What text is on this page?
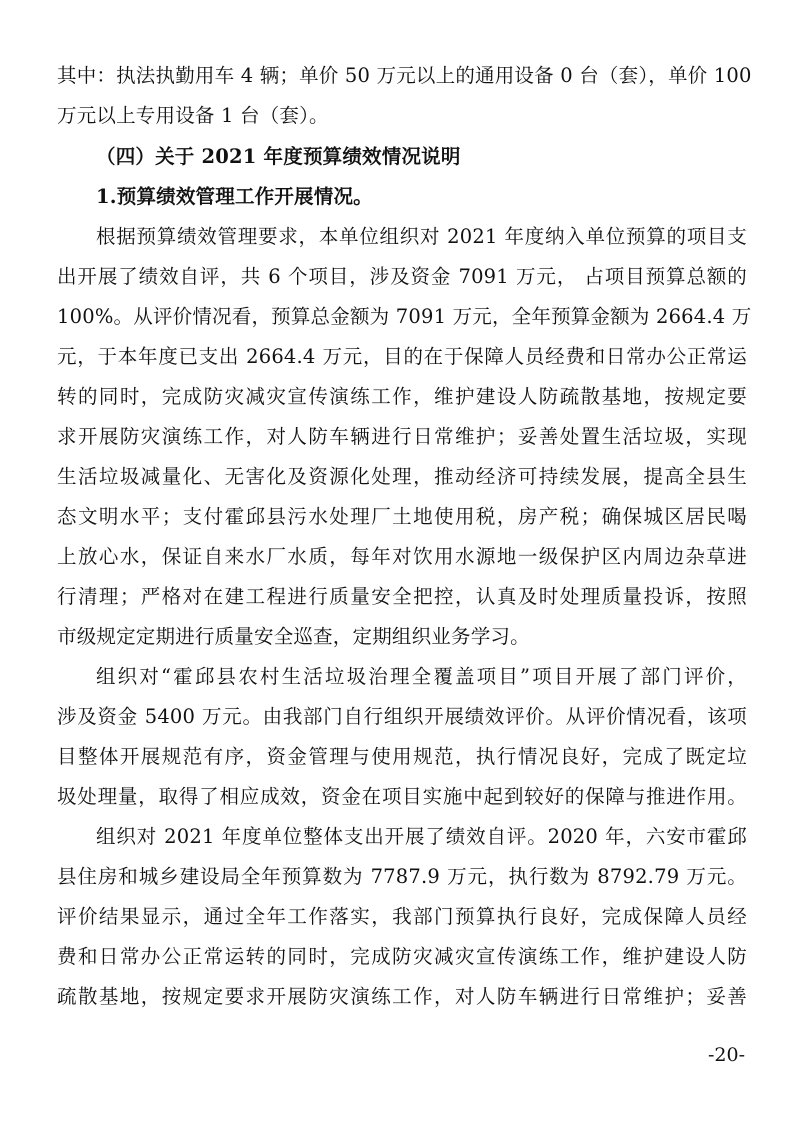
其中：执法执勤用车 4 辆；单价 50 万元以上的通用设备 0 台（套），单价 100
万元以上专用设备 1 台（套）。
（四）关于 2021 年度预算绩效情况说明
1.预算绩效管理工作开展情况。
根据预算绩效管理要求，本单位组织对 2021 年度纳入单位预算的项目支
出开展了绩效自评，共 6 个项目，涉及资金 7091 万元， 占项目预算总额的
100%。从评价情况看，预算总金额为 7091 万元，全年预算金额为 2664.4 万
元，于本年度已支出 2664.4 万元，目的在于保障人员经费和日常办公正常运
转的同时，完成防灾减灾宣传演练工作，维护建设人防疏散基地，按规定要
求开展防灾演练工作，对人防车辆进行日常维护；妥善处置生活垃圾，实现
生活垃圾减量化、无害化及资源化处理，推动经济可持续发展，提高全县生
态文明水平；支付霍邱县污水处理厂土地使用税，房产税；确保城区居民喝
上放心水，保证自来水厂水质，每年对饮用水源地一级保护区内周边杂草进
行清理；严格对在建工程进行质量安全把控，认真及时处理质量投诉，按照
市级规定定期进行质量安全巡查，定期组织业务学习。
组织对“霍邱县农村生活垃圾治理全覆盖项目”项目开展了部门评价，
涉及资金 5400 万元。由我部门自行组织开展绩效评价。从评价情况看，该项
目整体开展规范有序，资金管理与使用规范，执行情况良好，完成了既定垃
圾处理量，取得了相应成效，资金在项目实施中起到较好的保障与推进作用。
组织对 2021 年度单位整体支出开展了绩效自评。2020 年，六安市霍邱
县住房和城乡建设局全年预算数为 7787.9 万元，执行数为 8792.79 万元。
评价结果显示，通过全年工作落实，我部门预算执行良好，完成保障人员经
费和日常办公正常运转的同时，完成防灾减灾宣传演练工作，维护建设人防
疏散基地，按规定要求开展防灾演练工作，对人防车辆进行日常维护；妥善
-20-
